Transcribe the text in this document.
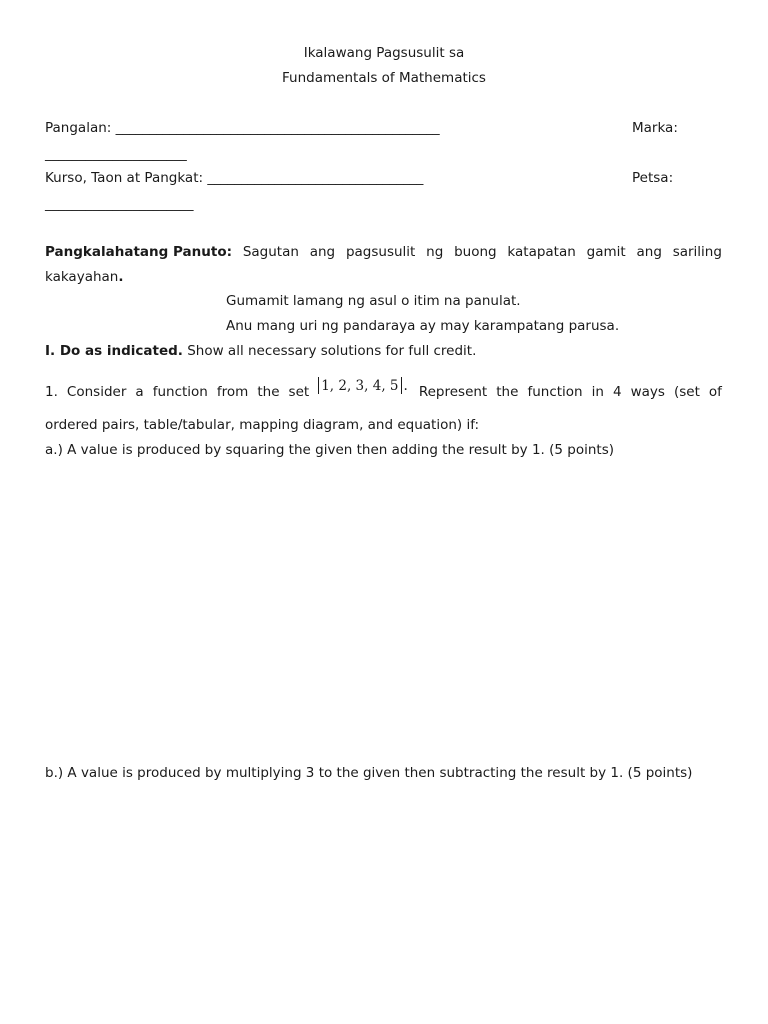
Ikalawang Pagsusulit sa
Fundamentals of Mathematics
Pangalan: ________________________________________________	Marka:
_____________________
Kurso, Taon at Pangkat: ________________________________	Petsa:
______________________
Pangkalahatang Panuto: Sagutan ang pagsusulit ng buong katapatan gamit ang sariling
kakayahan.
Gumamit lamang ng asul o itim na panulat.
Anu mang uri ng pandaraya ay may karampatang parusa.
I. Do as indicated. Show all necessary solutions for full credit.
1. Consider a function from the set 1, 2, 3, 4, 5 . Represent the function in 4 ways (set of
ordered pairs, table/tabular, mapping diagram, and equation) if:
a.) A value is produced by squaring the given then adding the result by 1. (5 points)
b.) A value is produced by multiplying 3 to the given then subtracting the result by 1. (5 points)
